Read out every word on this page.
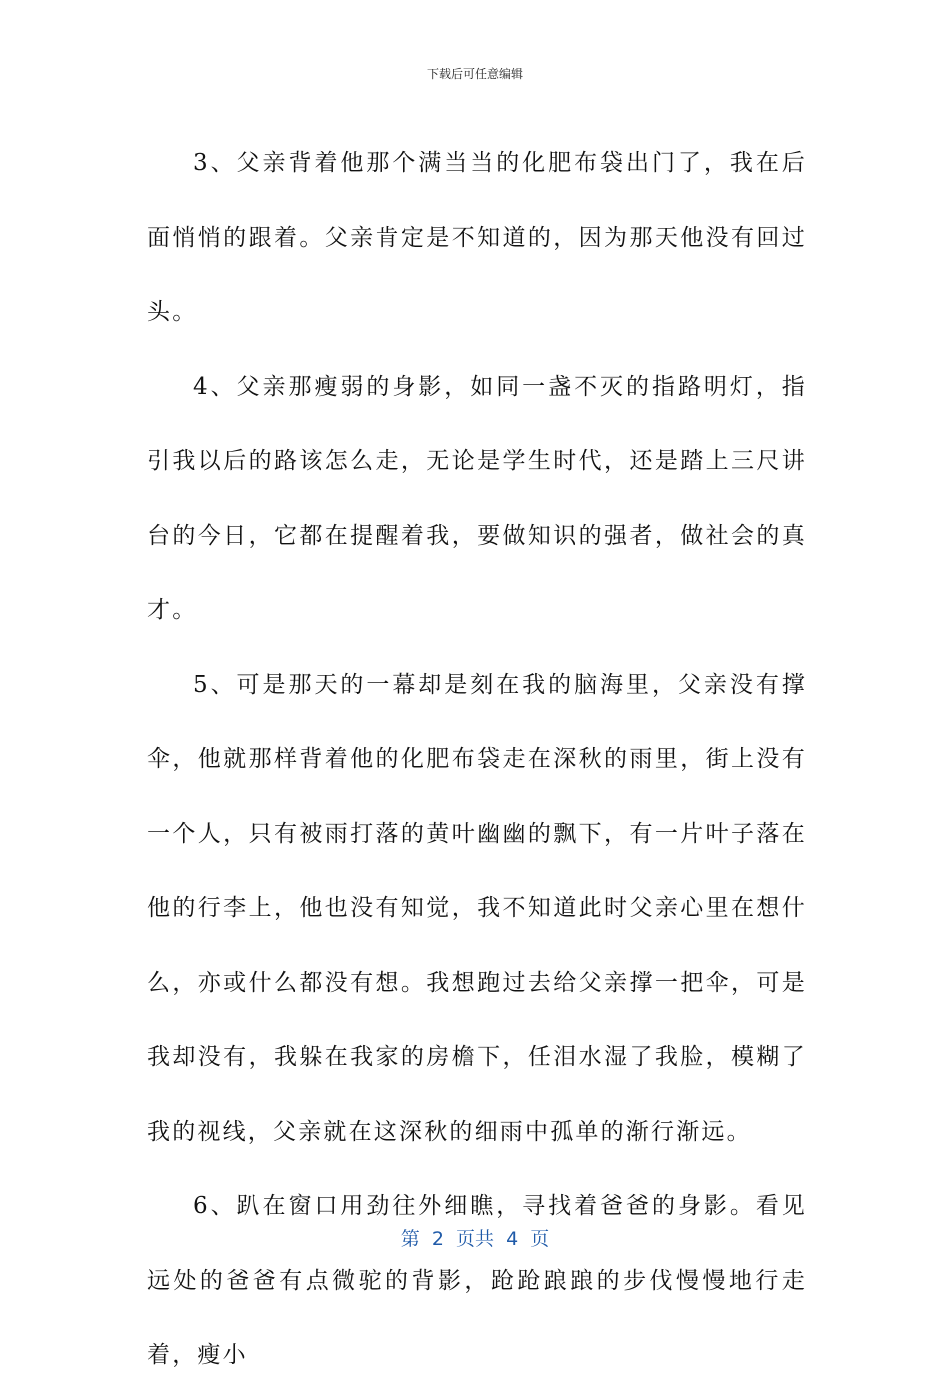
下载后可任意编辑

3、父亲背着他那个满当当的化肥布袋出门了，我在后面悄悄的跟着。父亲肯定是不知道的，因为那天他没有回过头。

4、父亲那瘦弱的身影，如同一盏不灭的指路明灯，指引我以后的路该怎么走，无论是学生时代，还是踏上三尺讲台的今日，它都在提醒着我，要做知识的强者，做社会的真才。

5、可是那天的一幕却是刻在我的脑海里，父亲没有撑伞，他就那样背着他的化肥布袋走在深秋的雨里，街上没有一个人，只有被雨打落的黄叶幽幽的飘下，有一片叶子落在他的行李上，他也没有知觉，我不知道此时父亲心里在想什么，亦或什么都没有想。我想跑过去给父亲撑一把伞，可是我却没有，我躲在我家的房檐下，任泪水湿了我脸，模糊了我的视线，父亲就在这深秋的细雨中孤单的渐行渐远。

6、趴在窗口用劲往外细瞧，寻找着爸爸的身影。看见远处的爸爸有点微驼的背影，跄跄踉踉的步伐慢慢地行走着，瘦小

第  2  页共  4  页
